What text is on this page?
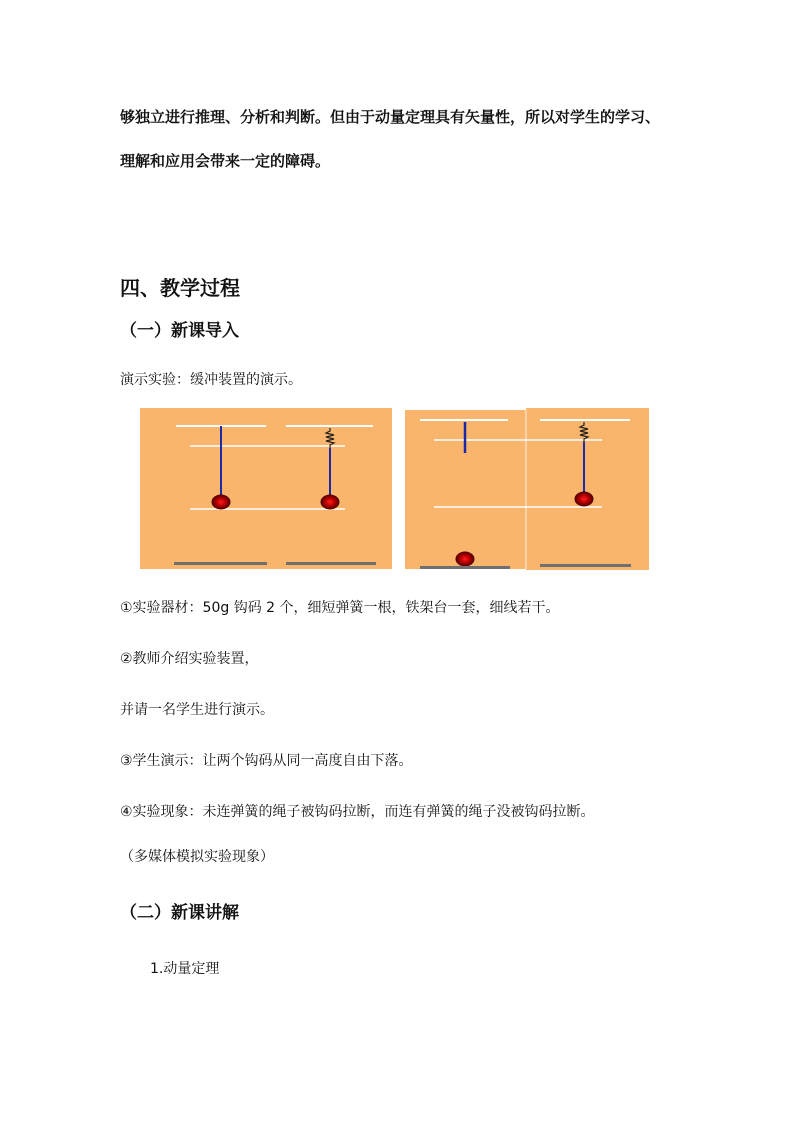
够独立进行推理、分析和判断。但由于动量定理具有矢量性，所以对学生的学习、
理解和应用会带来一定的障碍。
四、教学过程
（一）新课导入
演示实验：缓冲装置的演示。
①实验器材：50g 钩码 2 个，细短弹簧一根，铁架台一套，细线若干。
②教师介绍实验装置，
并请一名学生进行演示。
③学生演示：让两个钩码从同一高度自由下落。
④实验现象：未连弹簧的绳子被钩码拉断，而连有弹簧的绳子没被钩码拉断。
（多媒体模拟实验现象）
（二）新课讲解
1.动量定理
